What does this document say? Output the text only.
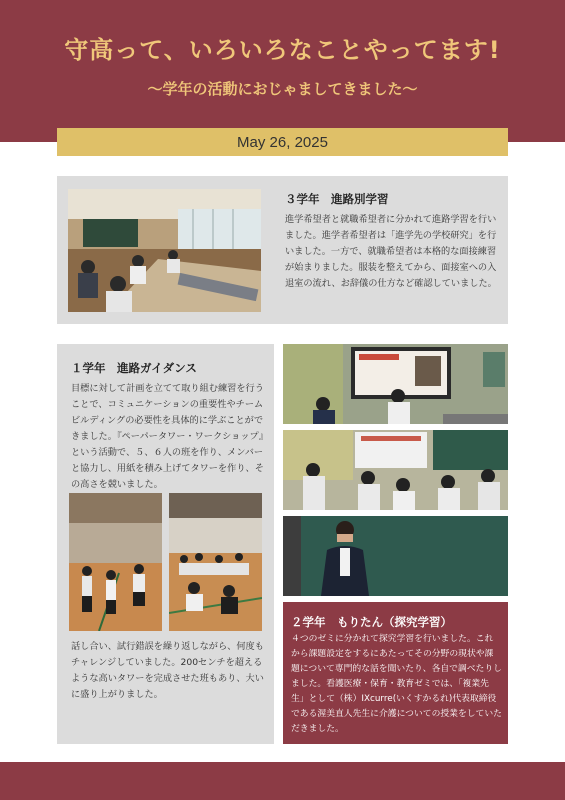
守高って、いろいろなことやってます!
〜学年の活動におじゃましてきました〜
May 26, 2025
３学年　進路別学習
進学希望者と就職希望者に分かれて進路学習を行いました。進学者希望者は「進学先の学校研究」を行いました。一方で、就職希望者は本格的な面接練習が始まりました。服装を整えてから、面接室への入退室の流れ、お辞儀の仕方など確認していました。
１学年　進路ガイダンス
目標に対して計画を立てて取り組む練習を行うことで、コミュニケーションの重要性やチームビルディングの必要性を具体的に学ぶことができました。『ペーパータワー・ワークショップ』という活動で、５、６人の班を作り、メンバーと協力し、用紙を積み上げてタワーを作り、その高さを競いました。
話し合い、試行錯誤を繰り返しながら、何度もチャレンジしていました。200センチを超えるような高いタワーを完成させた班もあり、大いに盛り上がりました。
２学年　もりたん（探究学習）
４つのゼミに分かれて探究学習を行いました。これから課題設定をするにあたってその分野の現状や課題について専門的な話を聞いたり、各自で調べたりしました。看護医療・保育・教育ゼミでは、「複業先生」として（株）IXcurre(いくすかるれ)代表取締役である渥美直人先生に介護についての授業をしていただきました。
